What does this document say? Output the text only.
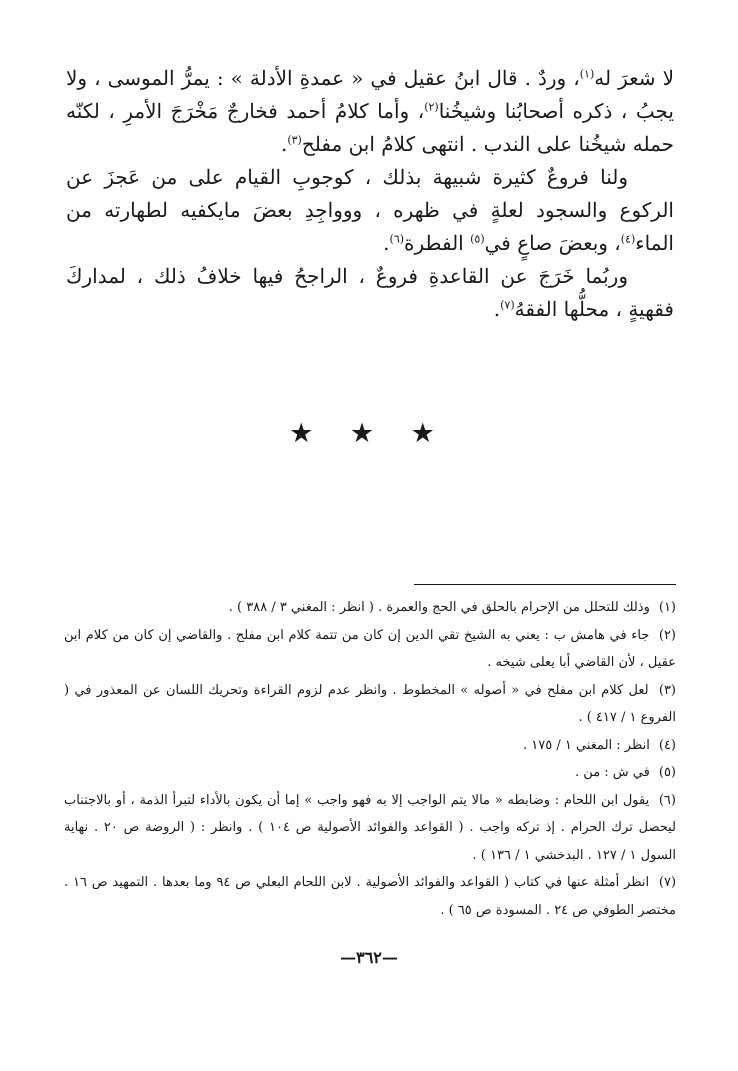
لا شعرَ له$^{(١)}$، وردٌ . قال ابنُ عقيل في « عمدةِ الأدلة » : يمرُّ الموسى ، ولا يجبُ ، ذكره أصحابُنا وشيخُنا$^{(٢)}$، وأما كلامُ أحمد فخارجٌ مَخْرَجَ الأمرِ ، لكنّه حمله شيخُنا على الندب . انتهى كلامُ ابن مفلح$^{(٣)}$.

ولنا فروعٌ كثيرة شبيهة بذلك ، كوجوبِ القيام على من عَجزَ عن الركوع والسجود لعلةٍ في ظهره ، ووواجِدِ بعضَ مايكفيه لطهارته من الماء$^{(٤)}$، وبعضَ صاعٍ في$^{(٥)}$ الفطرة$^{(٦)}$.

وربُما خَرَجَ عن القاعدةِ فروعٌ ، الراجحُ فيها خلافُ ذلك ، لمداركَ فقهيةٍ ، محلُّها الفقهُ$^{(٧)}$.

★ ★ ★
(١) وذلك للتحلل من الإحرام بالحلق في الحج والعمرة . ( انظر : المغني ٣ / ٣٨٨ ) .
(٢) جاء في هامش ب : يعني به الشيخ تقي الدين إن كان من تتمة كلام ابن مفلح . والقاضي إن كان من كلام ابن عقيل ، لأن القاضي أبا يعلى شيخه .
(٣) لعل كلام ابن مفلح في « أصوله » المخطوط . وانظر عدم لزوم القراءة وتحريك اللسان عن المعذور في ( الفروع ١ / ٤١٧ ) .
(٤) انظر : المغني ١ / ١٧٥ .
(٥) في ش : من .
(٦) يقول ابن اللحام : وضابطه « مالا يتم الواجب إلا به فهو واجب » إما أن يكون بالأداء لتبرأ الذمة ، أو بالاجتناب ليحصل ترك الحرام . إذ تركه واجب . ( القواعد والفوائد الأصولية ص ١٠٤ ) . وانظر : ( الروضة ص ٢٠ . نهاية السول ١ / ١٢٧ . البدخشي ١ / ١٣٦ ) .
(٧) انظر أمثلة عنها في كتاب ( القواعد والفوائد الأصولية . لابن اللحام البعلي ص ٩٤ وما بعدها . التمهيد ص ١٦ . مختصر الطوفي ص ٢٤ . المسودة ص ٦٥ ) .
—٣٦٢—
